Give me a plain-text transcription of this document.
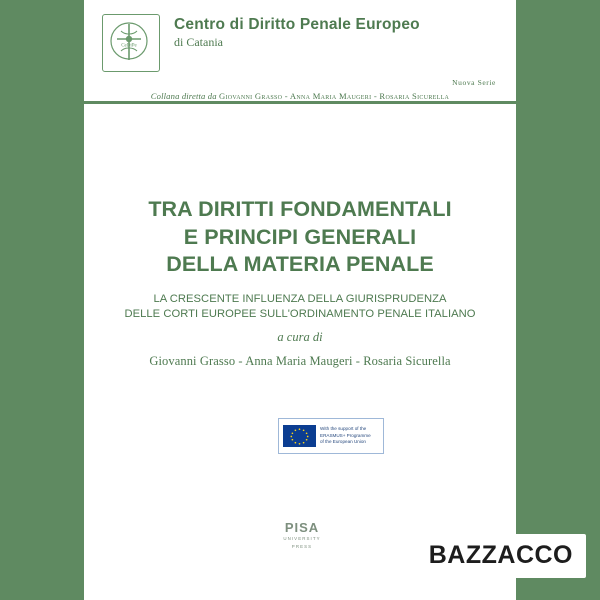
CeDiPe
Centro di Diritto Penale Europeo
di Catania
Nuova Serie
Collana diretta da Giovanni Grasso - Anna Maria Maugeri - Rosaria Sicurella
TRA DIRITTI FONDAMENTALI
E PRINCIPI GENERALI
DELLA MATERIA PENALE
LA CRESCENTE INFLUENZA DELLA GIURISPRUDENZA
DELLE CORTI EUROPEE SULL'ORDINAMENTO PENALE ITALIANO
a cura di
Giovanni Grasso - Anna Maria Maugeri - Rosaria Sicurella
With the support of the
ERASMUS+ Programme
of the European Union
PISA
UNIVERSITY
PRESS	BAZZACCO
